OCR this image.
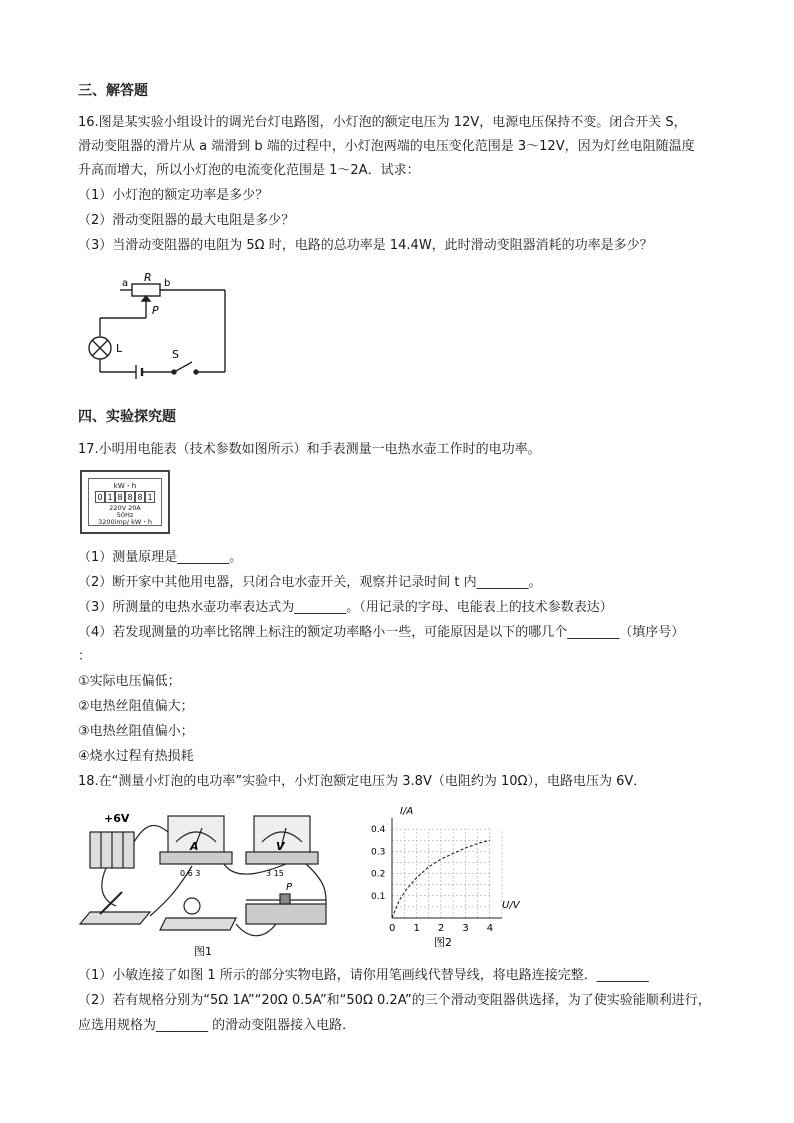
三、解答题
16.图是某实验小组设计的调光台灯电路图，小灯泡的额定电压为 12V，电源电压保持不变。闭合开关 S，
滑动变阻器的滑片从 a 端滑到 b 端的过程中，小灯泡两端的电压变化范围是 3～12V，因为灯丝电阻随温度
升高而增大，所以小灯泡的电流变化范围是 1～2A．试求：
（1）小灯泡的额定功率是多少？
（2）滑动变阻器的最大电阻是多少？
（3）当滑动变阻器的电阻为 5Ω 时，电路的总功率是 14.4W，此时滑动变阻器消耗的功率是多少？
a R b
P
L	S
四、实验探究题
17.小明用电能表（技术参数如图所示）和手表测量一电热水壶工作时的电功率。
kW・h
0 1 8 8 8 1
220V 20A
50Hz
3200imp/ kW・h
（1）测量原理是________。
（2）断开家中其他用电器，只闭合电水壶开关，观察并记录时间 t 内________。
（3）所测量的电热水壶功率表达式为________。（用记录的字母、电能表上的技术参数表达）
（4）若发现测量的功率比铭牌上标注的额定功率略小一些，可能原因是以下的哪几个________（填序号）
：
①实际电压偏低；
②电热丝阻值偏大；
③电热丝阻值偏小；
④烧水过程有热损耗
18.在“测量小灯泡的电功率”实验中，小灯泡额定电压为 3.8V（电阻约为 10Ω），电路电压为 6V．
+6V
A	V
0.6 3	3 15
P
图1
0 1 2 3 4
0.1
0.2
0.3
0.4
I/A
U/V
图2
（1）小敏连接了如图 1 所示的部分实物电路，请你用笔画线代替导线，将电路连接完整．________
（2）若有规格分别为“5Ω 1A”“20Ω 0.5A”和“50Ω 0.2A”的三个滑动变阻器供选择，为了使实验能顺利进行，
应选用规格为________ 的滑动变阻器接入电路．
